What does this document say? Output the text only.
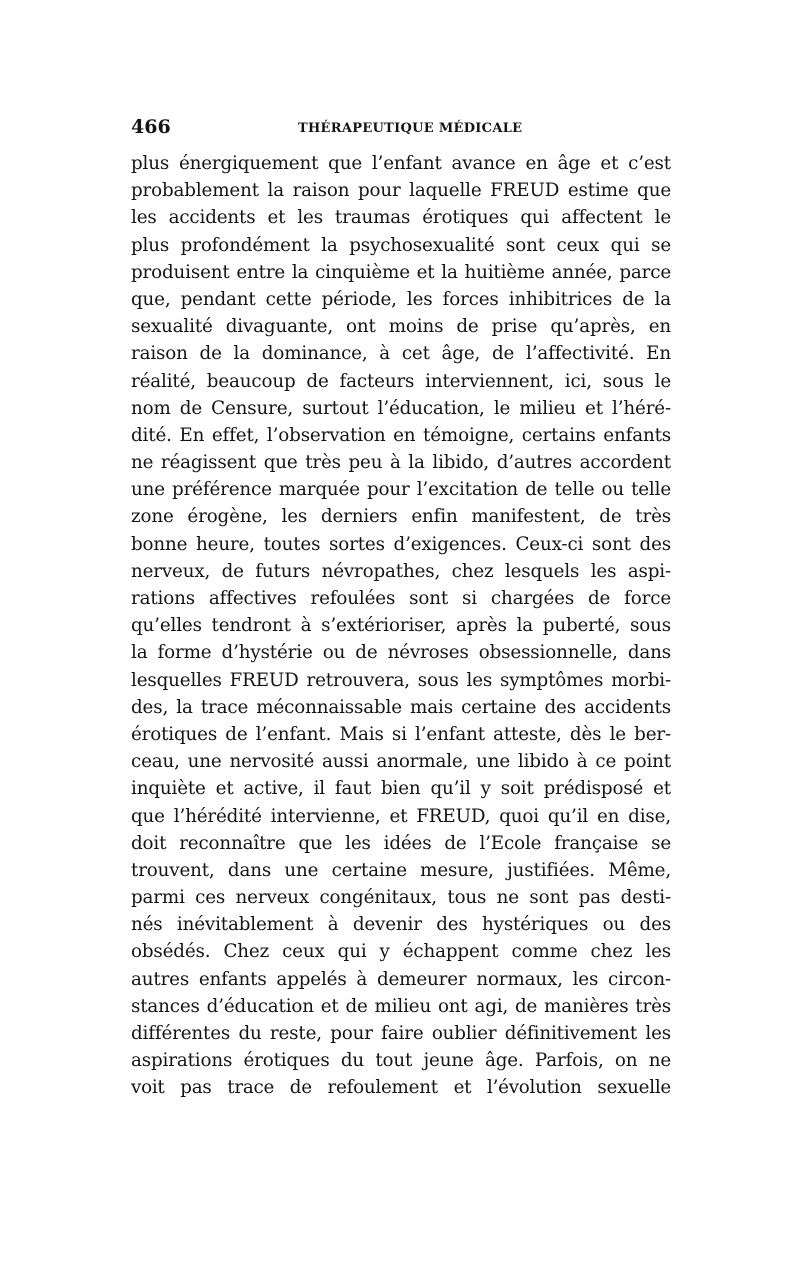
466	THÉRAPEUTIQUE MÉDICALE
plus énergiquement que l’enfant avance en âge et c’est
probablement la raison pour laquelle FREUD estime que
les accidents et les traumas érotiques qui affectent le
plus profondément la psychosexualité sont ceux qui se
produisent entre la cinquième et la huitième année, parce
que, pendant cette période, les forces inhibitrices de la
sexualité divaguante, ont moins de prise qu’après, en
raison de la dominance, à cet âge, de l’affectivité. En
réalité, beaucoup de facteurs interviennent, ici, sous le
nom de Censure, surtout l’éducation, le milieu et l’héré-
dité. En effet, l’observation en témoigne, certains enfants
ne réagissent que très peu à la libido, d’autres accordent
une préférence marquée pour l’excitation de telle ou telle
zone érogène, les derniers enfin manifestent, de très
bonne heure, toutes sortes d’exigences. Ceux-ci sont des
nerveux, de futurs névropathes, chez lesquels les aspi-
rations affectives refoulées sont si chargées de force
qu’elles tendront à s’extérioriser, après la puberté, sous
la forme d’hystérie ou de névroses obsessionnelle, dans
lesquelles FREUD retrouvera, sous les symptômes morbi-
des, la trace méconnaissable mais certaine des accidents
érotiques de l’enfant. Mais si l’enfant atteste, dès le ber-
ceau, une nervosité aussi anormale, une libido à ce point
inquiète et active, il faut bien qu’il y soit prédisposé et
que l’hérédité intervienne, et FREUD, quoi qu’il en dise,
doit reconnaître que les idées de l’Ecole française se
trouvent, dans une certaine mesure, justifiées. Même,
parmi ces nerveux congénitaux, tous ne sont pas desti-
nés inévitablement à devenir des hystériques ou des
obsédés. Chez ceux qui y échappent comme chez les
autres enfants appelés à demeurer normaux, les circon-
stances d’éducation et de milieu ont agi, de manières très
différentes du reste, pour faire oublier définitivement les
aspirations érotiques du tout jeune âge. Parfois, on ne
voit pas trace de refoulement et l’évolution sexuelle
